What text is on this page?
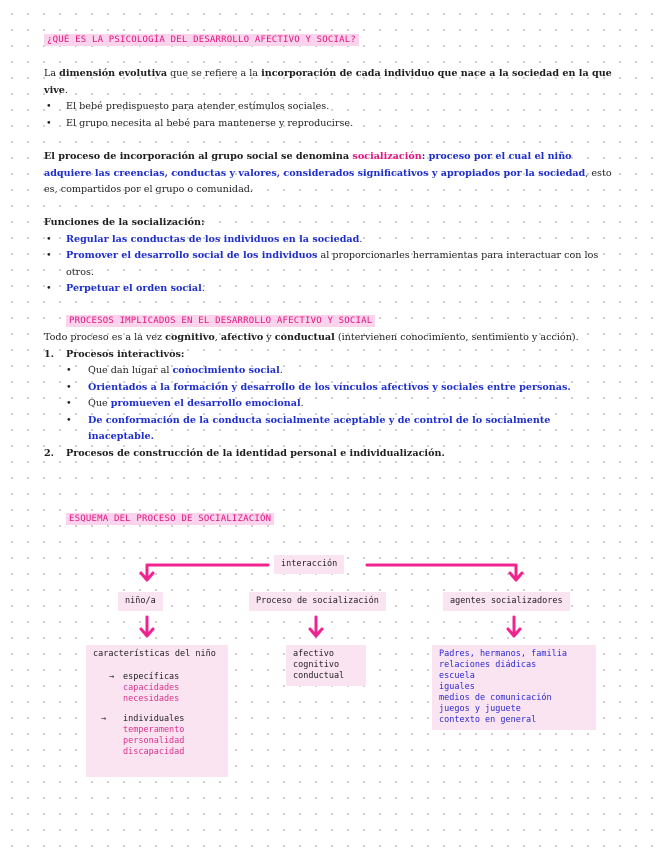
¿QUÉ ES LA PSICOLOGÍA DEL DESARROLLO AFECTIVO Y SOCIAL?
La dimensión evolutiva que se refiere a la incorporación de cada individuo que nace a la sociedad en la que vive.
• El bebé predispuesto para atender estímulos sociales.
• El grupo necesita al bebé para mantenerse y reproducirse.
El proceso de incorporación al grupo social se denomina socialización: proceso por el cual el niño adquiere las creencias, conductas y valores, considerados significativos y apropiados por la sociedad, esto es, compartidos por el grupo o comunidad.
Funciones de la socialización:
• Regular las conductas de los individuos en la sociedad.
• Promover el desarrollo social de los individuos al proporcionarles herramientas para interactuar con los otros.
• Perpetuar el orden social.
PROCESOS IMPLICADOS EN EL DESARROLLO AFECTIVO Y SOCIAL
Todo proceso es a la vez cognitivo, afectivo y conductual (intervienen conocimiento, sentimiento y acción).
1. Procesos interactivos:
• Que dan lugar al conocimiento social.
• Orientados a la formación y desarrollo de los vínculos afectivos y sociales entre personas.
• Que promueven el desarrollo emocional.
• De conformación de la conducta socialmente aceptable y de control de lo socialmente inaceptable.
2. Procesos de construcción de la identidad personal e individualización.
ESQUEMA DEL PROCESO DE SOCIALIZACIÓN
interacción
niño/a	Proceso de socialización	agentes socializadores
características del niño
→ específicas
capacidades
necesidades
→ individuales
temperamento
personalidad
discapacidad
afectivo
cognitivo
conductual
Padres, hermanos, familia
relaciones diádicas
escuela
iguales
medios de comunicación
juegos y juguete
contexto en general
